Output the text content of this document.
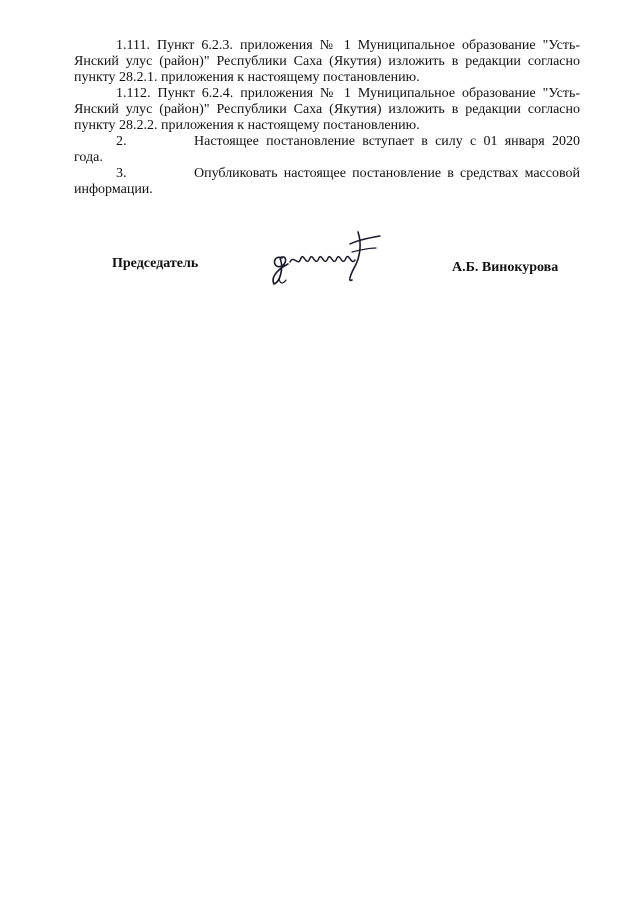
1.111. Пункт 6.2.3. приложения № 1 Муниципальное образование "Усть-Янский улус (район)" Республики Саха (Якутия) изложить в редакции согласно пункту 28.2.1. приложения к настоящему постановлению.

1.112. Пункт 6.2.4. приложения № 1 Муниципальное образование "Усть-Янский улус (район)" Республики Саха (Якутия) изложить в редакции согласно пункту 28.2.2. приложения к настоящему постановлению.

2.	Настоящее постановление вступает в силу с 01 января 2020 года.

3.	Опубликовать настоящее постановление в средствах массовой информации.

Председатель	А.Б. Винокурова
